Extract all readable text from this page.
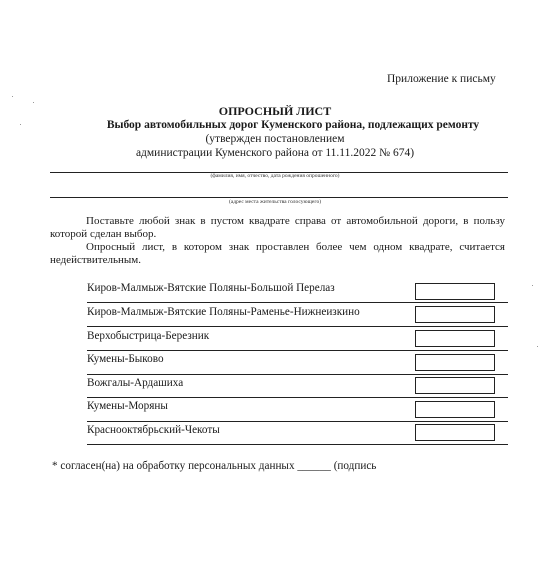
Приложение к письму
ОПРОСНЫЙ ЛИСТ
Выбор автомобильных дорог Куменского района, подлежащих ремонту
(утвержден постановлением
администрации Куменского района от 11.11.2022 № 674)
(фамилия, имя, отчество, дата рождения опрошенного)
(адрес места жительства голосующего)
Поставьте любой знак в пустом квадрате справа от автомобильной дороги, в пользу которой сделан выбор.
Опросный лист, в котором знак проставлен более чем одном квадрате, считается недействительным.
Киров-Малмыж-Вятские Поляны-Большой Перелаз
Киров-Малмыж-Вятские Поляны-Раменье-Нижнеизкино
Верхобыстрица-Березник
Кумены-Быково
Вожгалы-Ардашиха
Кумены-Моряны
Краснооктябрьский-Чекоты
* согласен(на) на обработку персональных данных ______ (подпись
